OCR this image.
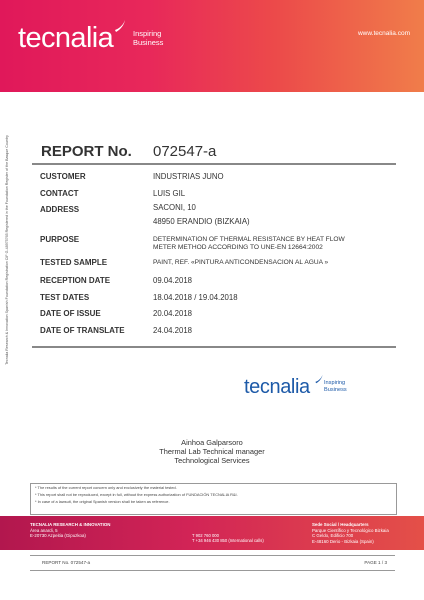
tecnalia	Inspiring
Business
www.tecnalia.com
Tecnalia Research & Innovation Spanish Foundation Registration CIF G-48975765 Registered in the Foundation Register of the Basque Country REPORT No. 072547-a
CUSTOMER	INDUSTRIAS JUNO
CONTACT	LUIS GIL
ADDRESS	SACONI, 10
48950 ERANDIO (BIZKAIA)
PURPOSE	DETERMINATION OF THERMAL RESISTANCE BY HEAT FLOW
METER METHOD ACCORDING TO UNE-EN 12664:2002
TESTED SAMPLE	PAINT, REF. «PINTURA ANTICONDENSACION AL AGUA »
RECEPTION DATE	09.04.2018
TEST DATES	18.04.2018 / 19.04.2018
DATE OF ISSUE	20.04.2018
DATE OF TRANSLATE	24.04.2018
tecnalia	Inspiring
Business
Ainhoa Galparsoro
Thermal Lab Technical manager
Technological Services
* The results of the current report concern only and exclusively the material tested.
* This report shall not be reproduced, except in full, without the express authorization of FUNDACIÓN TECNALIA R&I.
* In case of a lawsuit, the original Spanish version shall be taken as reference.
TECNALIA RESEARCH & INNOVATION
Área anardi, 5
E-20730 Azpeitia (Gipuzkoa)	T 902 760 000
T +34 946 430 850 (International calls)
Sede Social / Headquarters
Parque Científico y Tecnológico Bizkaia
C Geldo, Edificio 700
E-48160 Derio - Bizkaia (Spain)
REPORT No. 072547-a	PAGE 1 / 3
